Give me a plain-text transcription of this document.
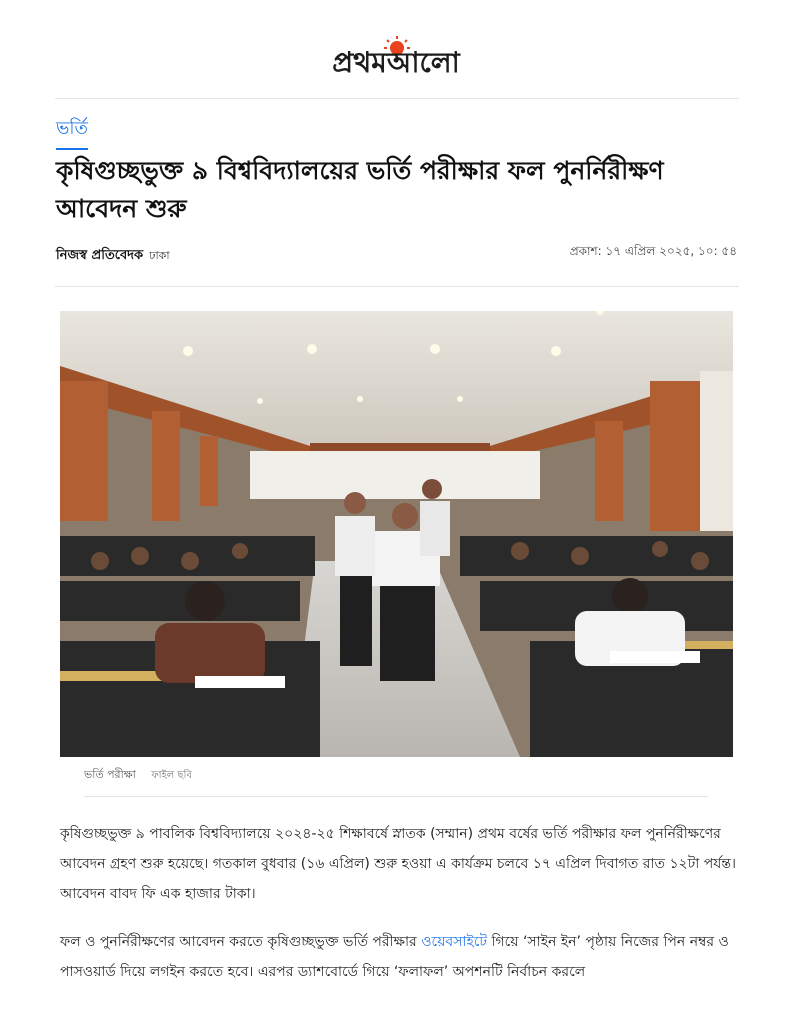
প্রথমআলো
ভর্তি
কৃষিগুচ্ছভুক্ত ৯ বিশ্ববিদ্যালয়ের ভর্তি পরীক্ষার ফল পুনর্নিরীক্ষণ আবেদন শুরু
নিজস্ব প্রতিবেদক ঢাকা	প্রকাশ: ১৭ এপ্রিল ২০২৫, ১০: ৫৪
ভর্তি পরীক্ষা ফাইল ছবি

কৃষিগুচ্ছভুক্ত ৯ পাবলিক বিশ্ববিদ্যালয়ে ২০২৪-২৫ শিক্ষাবর্ষে স্নাতক (সম্মান) প্রথম বর্ষের ভর্তি পরীক্ষার ফল পুনর্নিরীক্ষণের আবেদন গ্রহণ শুরু হয়েছে। গতকাল বুধবার (১৬ এপ্রিল) শুরু হওয়া এ কার্যক্রম চলবে ১৭ এপ্রিল দিবাগত রাত ১২টা পর্যন্ত। আবেদন বাবদ ফি এক হাজার টাকা।

ফল ও পুনর্নিরীক্ষণের আবেদন করতে কৃষিগুচ্ছভুক্ত ভর্তি পরীক্ষার ওয়েবসাইটে গিয়ে ‘সাইন ইন’ পৃষ্ঠায় নিজের পিন নম্বর ও পাসওয়ার্ড দিয়ে লগইন করতে হবে। এরপর ড্যাশবোর্ডে গিয়ে ‘ফলাফল’ অপশনটি নির্বাচন করলে
